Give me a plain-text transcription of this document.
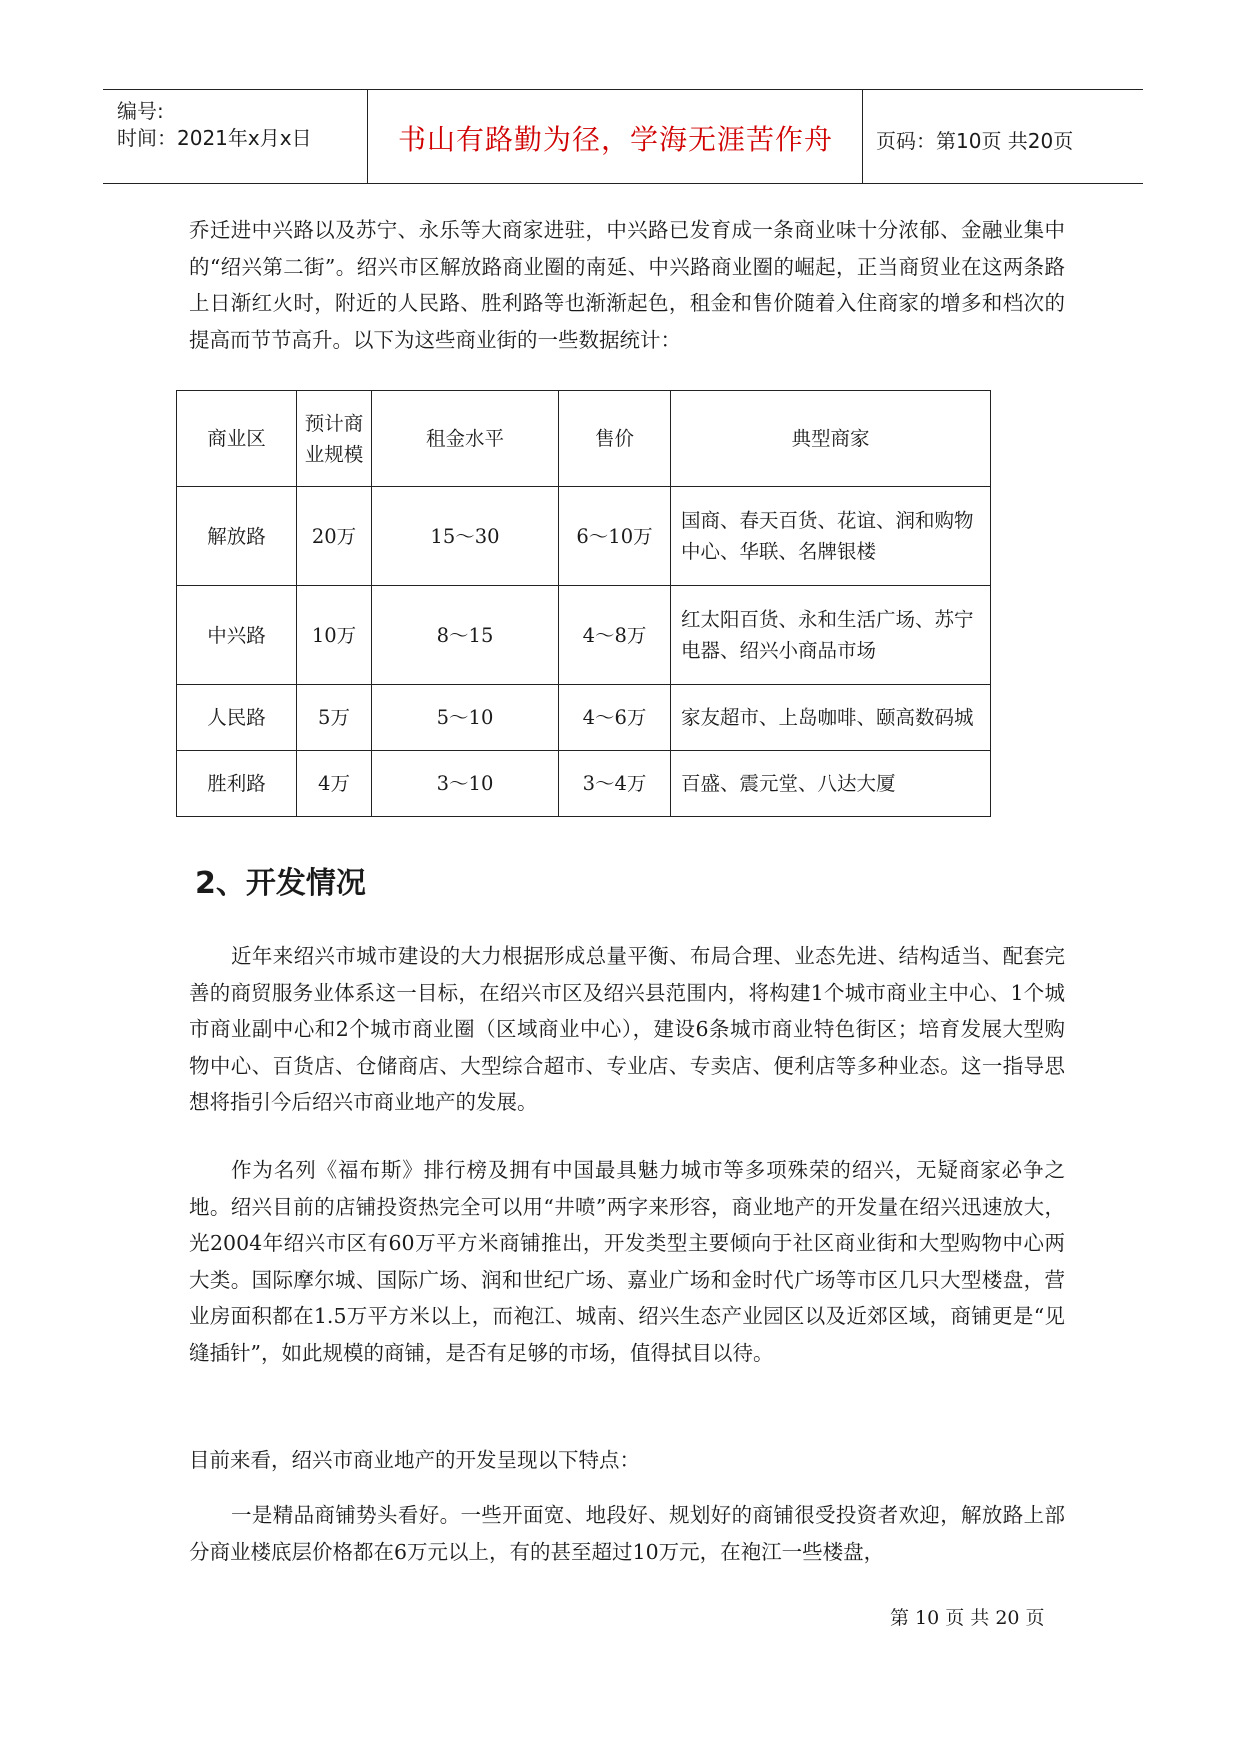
编号:
时间：2021年x月x日	书山有路勤为径，学海无涯苦作舟	页码：第10页 共20页

乔迁进中兴路以及苏宁、永乐等大商家进驻，中兴路已发育成一条商业味十分浓郁、金融业集中的“绍兴第二街”。绍兴市区解放路商业圈的南延、中兴路商业圈的崛起，正当商贸业在这两条路上日渐红火时，附近的人民路、胜利路等也渐渐起色，租金和售价随着入住商家的增多和档次的提高而节节高升。以下为这些商业街的一些数据统计：

商业区	预计商业规模	租金水平	售价	典型商家
解放路	20万	15～30	6～10万	国商、春天百货、花谊、润和购物中心、华联、名牌银楼
中兴路	10万	8～15	4～8万	红太阳百货、永和生活广场、苏宁电器、绍兴小商品市场
人民路	5万	5～10	4～6万	家友超市、上岛咖啡、颐高数码城
胜利路	4万	3～10	3～4万	百盛、震元堂、八达大厦
2、开发情况

近年来绍兴市城市建设的大力根据形成总量平衡、布局合理、业态先进、结构适当、配套完善的商贸服务业体系这一目标，在绍兴市区及绍兴县范围内，将构建1个城市商业主中心、1个城市商业副中心和2个城市商业圈（区域商业中心），建设6条城市商业特色街区；培育发展大型购物中心、百货店、仓储商店、大型综合超市、专业店、专卖店、便利店等多种业态。这一指导思想将指引今后绍兴市商业地产的发展。

作为名列《福布斯》排行榜及拥有中国最具魅力城市等多项殊荣的绍兴，无疑商家必争之地。绍兴目前的店铺投资热完全可以用“井喷”两字来形容，商业地产的开发量在绍兴迅速放大，光2004年绍兴市区有60万平方米商铺推出，开发类型主要倾向于社区商业街和大型购物中心两大类。国际摩尔城、国际广场、润和世纪广场、嘉业广场和金时代广场等市区几只大型楼盘，营业房面积都在1.5万平方米以上，而袍江、城南、绍兴生态产业园区以及近郊区域，商铺更是“见缝插针”，如此规模的商铺，是否有足够的市场，值得拭目以待。

目前来看，绍兴市商业地产的开发呈现以下特点：

一是精品商铺势头看好。一些开面宽、地段好、规划好的商铺很受投资者欢迎，解放路上部分商业楼底层价格都在6万元以上，有的甚至超过10万元，在袍江一些楼盘，

第 10 页 共 20 页
